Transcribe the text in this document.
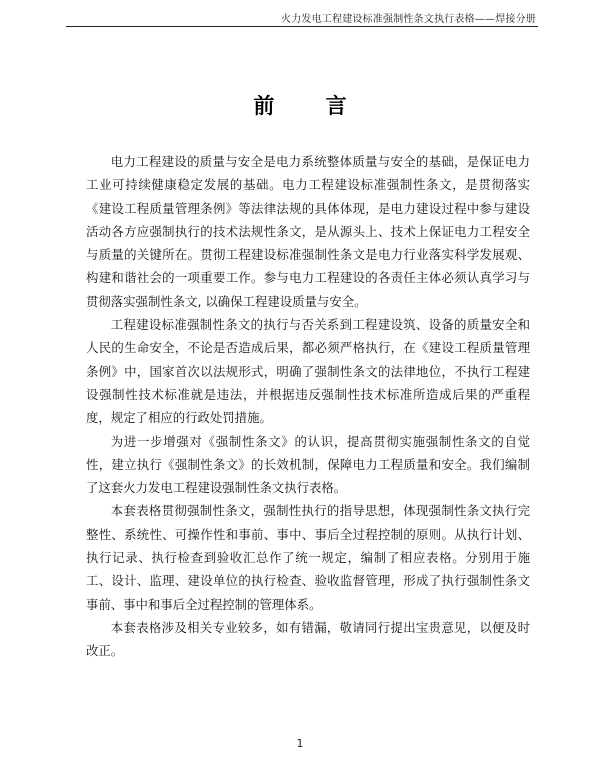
火力发电工程建设标准强制性条文执行表格——焊接分册
前 言

电力工程建设的质量与安全是电力系统整体质量与安全的基础，是保证电力工业可持续健康稳定发展的基础。电力工程建设标准强制性条文，是贯彻落实《建设工程质量管理条例》等法律法规的具体体现，是电力建设过程中参与建设活动各方应强制执行的技术法规性条文，是从源头上、技术上保证电力工程安全与质量的关键所在。贯彻工程建设标准强制性条文是电力行业落实科学发展观、构建和谐社会的一项重要工作。参与电力工程建设的各责任主体必须认真学习与贯彻落实强制性条文, 以确保工程建设质量与安全。

工程建设标准强制性条文的执行与否关系到工程建设筑、设备的质量安全和人民的生命安全，不论是否造成后果，都必须严格执行，在《建设工程质量管理条例》中，国家首次以法规形式，明确了强制性条文的法律地位，不执行工程建设强制性技术标准就是违法，并根据违反强制性技术标准所造成后果的严重程度，规定了相应的行政处罚措施。

为进一步增强对《强制性条文》的认识，提高贯彻实施强制性条文的自觉性，建立执行《强制性条文》的长效机制，保障电力工程质量和安全。我们编制了这套火力发电工程建设强制性条文执行表格。

本套表格贯彻强制性条文，强制性执行的指导思想，体现强制性条文执行完整性、系统性、可操作性和事前、事中、事后全过程控制的原则。从执行计划、执行记录、执行检查到验收汇总作了统一规定，编制了相应表格。分别用于施工、设计、监理、建设单位的执行检查、验收监督管理，形成了执行强制性条文事前、事中和事后全过程控制的管理体系。

本套表格涉及相关专业较多，如有错漏，敬请同行提出宝贵意见，以便及时改正。

1
